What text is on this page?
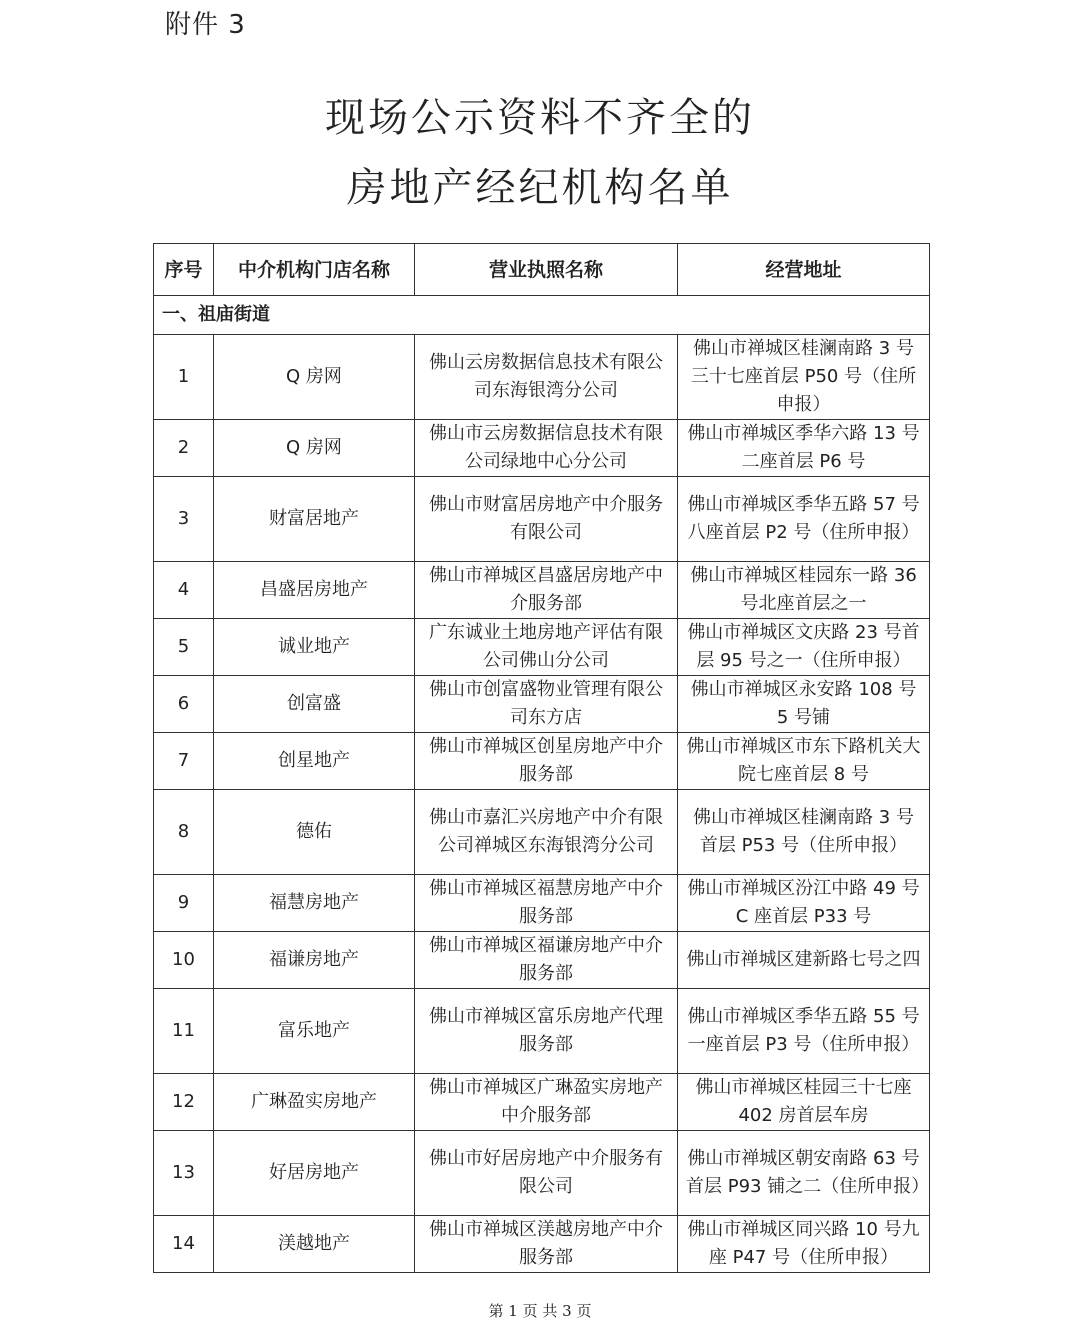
附件 3
现场公示资料不齐全的
房地产经纪机构名单
序号	中介机构门店名称	营业执照名称	经营地址
一、祖庙街道			
1	Q 房网	佛山云房数据信息技术有限公司东海银湾分公司	佛山市禅城区桂澜南路 3 号三十七座首层 P50 号（住所申报）
2	Q 房网	佛山市云房数据信息技术有限公司绿地中心分公司	佛山市禅城区季华六路 13 号二座首层 P6 号
3	财富居地产	佛山市财富居房地产中介服务有限公司	佛山市禅城区季华五路 57 号八座首层 P2 号（住所申报）
4	昌盛居房地产	佛山市禅城区昌盛居房地产中介服务部	佛山市禅城区桂园东一路 36 号北座首层之一
5	诚业地产	广东诚业土地房地产评估有限公司佛山分公司	佛山市禅城区文庆路 23 号首层 95 号之一（住所申报）
6	创富盛	佛山市创富盛物业管理有限公司东方店	佛山市禅城区永安路 108 号 5 号铺
7	创星地产	佛山市禅城区创星房地产中介服务部	佛山市禅城区市东下路机关大院七座首层 8 号
8	德佑	佛山市嘉汇兴房地产中介有限公司禅城区东海银湾分公司	佛山市禅城区桂澜南路 3 号首层 P53 号（住所申报）
9	福慧房地产	佛山市禅城区福慧房地产中介服务部	佛山市禅城区汾江中路 49 号 C 座首层 P33 号
10	福谦房地产	佛山市禅城区福谦房地产中介服务部	佛山市禅城区建新路七号之四
11	富乐地产	佛山市禅城区富乐房地产代理服务部	佛山市禅城区季华五路 55 号一座首层 P3 号（住所申报）
12	广琳盈实房地产	佛山市禅城区广琳盈实房地产中介服务部	佛山市禅城区桂园三十七座 402 房首层车房
13	好居房地产	佛山市好居房地产中介服务有限公司	佛山市禅城区朝安南路 63 号首层 P93 铺之二（住所申报）
14	渼越地产	佛山市禅城区渼越房地产中介服务部	佛山市禅城区同兴路 10 号九座 P47 号（住所申报）
第 1 页 共 3 页
